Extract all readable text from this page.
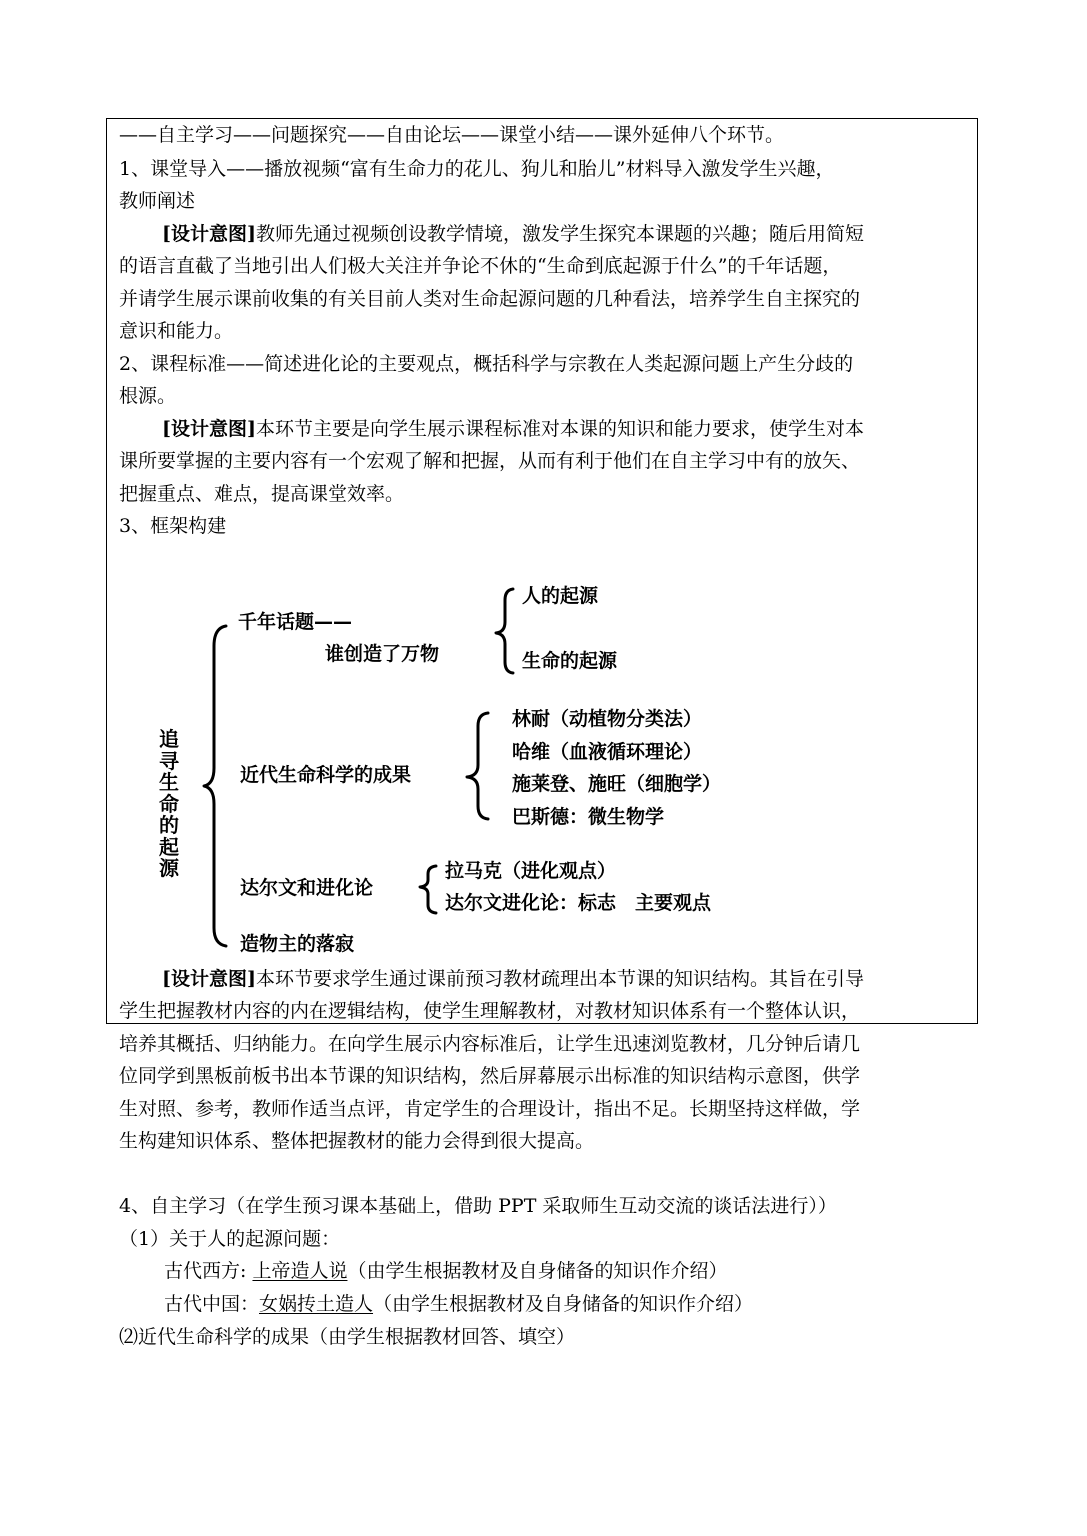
——自主学习——问题探究——自由论坛——课堂小结——课外延伸八个环节。
1、课堂导入——播放视频“富有生命力的花儿、狗儿和胎儿”材料导入激发学生兴趣，
教师阐述
[设计意图]教师先通过视频创设教学情境，激发学生探究本课题的兴趣；随后用简短
的语言直截了当地引出人们极大关注并争论不休的“生命到底起源于什么”的千年话题，
并请学生展示课前收集的有关目前人类对生命起源问题的几种看法，培养学生自主探究的
意识和能力。
2、课程标准——简述进化论的主要观点，概括科学与宗教在人类起源问题上产生分歧的
根源。
[设计意图]本环节主要是向学生展示课程标准对本课的知识和能力要求，使学生对本
课所要掌握的主要内容有一个宏观了解和把握，从而有利于他们在自主学习中有的放矢、
把握重点、难点，提高课堂效率。
3、框架构建
追寻生命的起源
千年话题——
谁创造了万物
人的起源
生命的起源
近代生命科学的成果
林耐（动植物分类法）
哈维（血液循环理论）
施莱登、施旺（细胞学）
巴斯德：微生物学
达尔文和进化论
拉马克（进化观点）
达尔文进化论：标志　主要观点
造物主的落寂
[设计意图]本环节要求学生通过课前预习教材疏理出本节课的知识结构。其旨在引导
学生把握教材内容的内在逻辑结构，使学生理解教材，对教材知识体系有一个整体认识，
培养其概括、归纳能力。在向学生展示内容标准后，让学生迅速浏览教材，几分钟后请几
位同学到黑板前板书出本节课的知识结构，然后屏幕展示出标准的知识结构示意图，供学
生对照、参考，教师作适当点评，肯定学生的合理设计，指出不足。长期坚持这样做，学
生构建知识体系、整体把握教材的能力会得到很大提高。
4、自主学习（在学生预习课本基础上，借助 PPT 采取师生互动交流的谈话法进行））
（1）关于人的起源问题：
古代西方: 上帝造人说（由学生根据教材及自身储备的知识作介绍）
古代中国：女娲抟土造人（由学生根据教材及自身储备的知识作介绍）
⑵近代生命科学的成果（由学生根据教材回答、填空）
